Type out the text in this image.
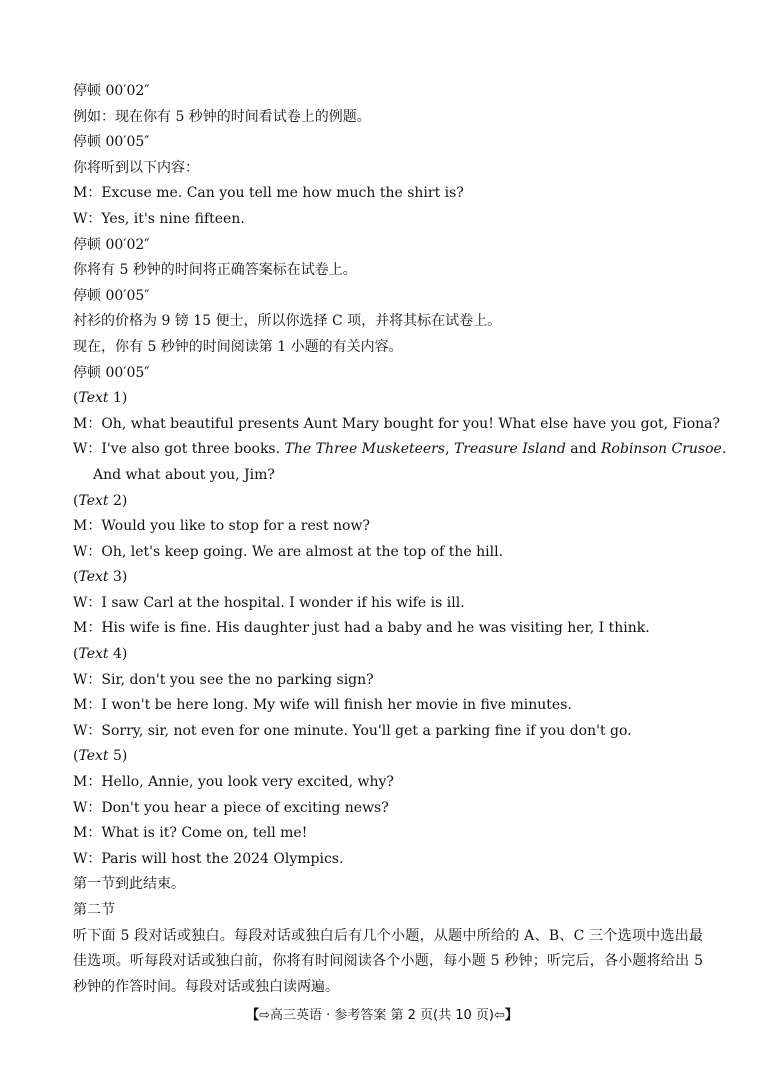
停顿 00′02″
例如：现在你有 5 秒钟的时间看试卷上的例题。
停顿 00′05″
你将听到以下内容：
M：Excuse me. Can you tell me how much the shirt is?
W：Yes, it's nine fifteen.
停顿 00′02″
你将有 5 秒钟的时间将正确答案标在试卷上。
停顿 00′05″
衬衫的价格为 9 镑 15 便士，所以你选择 C 项，并将其标在试卷上。
现在，你有 5 秒钟的时间阅读第 1 小题的有关内容。
停顿 00′05″
(Text 1)
M：Oh, what beautiful presents Aunt Mary bought for you! What else have you got, Fiona?
W：I've also got three books. The Three Musketeers, Treasure Island and Robinson Crusoe.
And what about you, Jim?
(Text 2)
M：Would you like to stop for a rest now?
W：Oh, let's keep going. We are almost at the top of the hill.
(Text 3)
W：I saw Carl at the hospital. I wonder if his wife is ill.
M：His wife is fine. His daughter just had a baby and he was visiting her, I think.
(Text 4)
W：Sir, don't you see the no parking sign?
M：I won't be here long. My wife will finish her movie in five minutes.
W：Sorry, sir, not even for one minute. You'll get a parking fine if you don't go.
(Text 5)
M：Hello, Annie, you look very excited, why?
W：Don't you hear a piece of exciting news?
M：What is it? Come on, tell me!
W：Paris will host the 2024 Olympics.
第一节到此结束。
第二节
听下面 5 段对话或独白。每段对话或独白后有几个小题，从题中所给的 A、B、C 三个选项中选出最佳选项。听每段对话或独白前，你将有时间阅读各个小题，每小题 5 秒钟；听完后，各小题将给出 5 秒钟的作答时间。每段对话或独白读两遍。
【⇨高三英语 · 参考答案 第 2 页(共 10 页)⇦】
